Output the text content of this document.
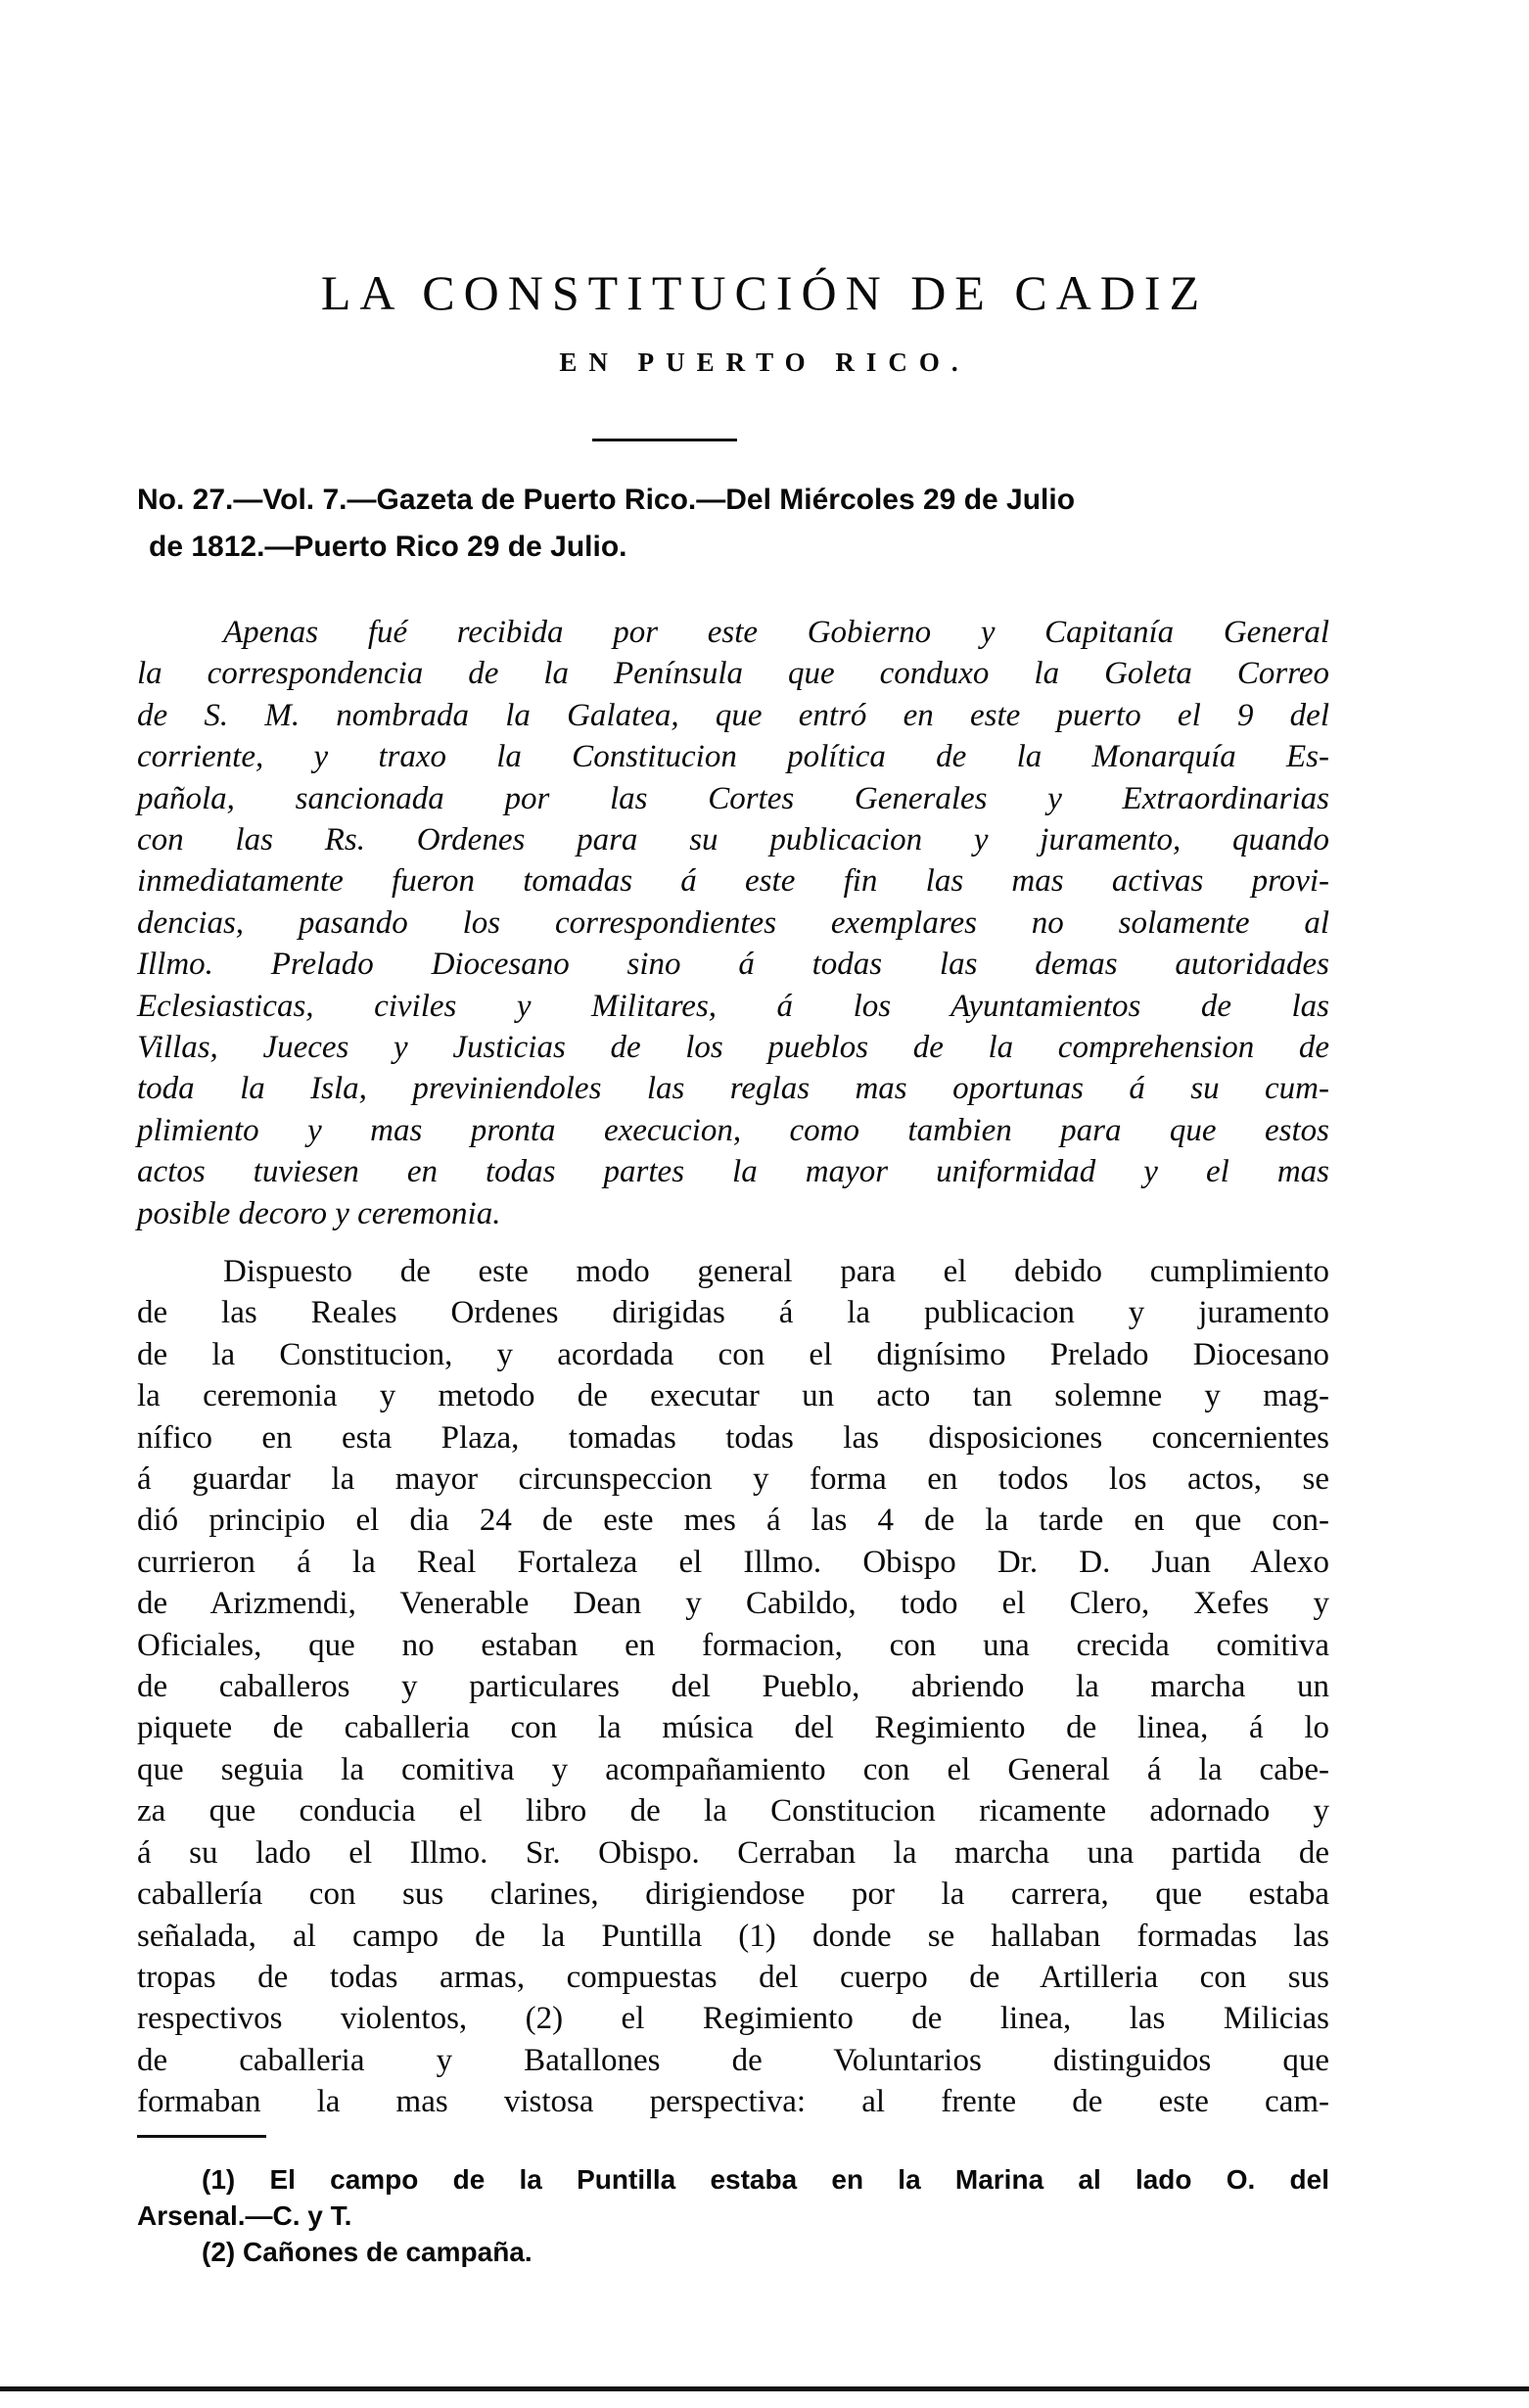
LA CONSTITUCIÓN DE CADIZ
EN PUERTO RICO.

No. 27.—Vol. 7.—Gazeta de Puerto Rico.—Del Miércoles 29 de Julio
de 1812.—Puerto Rico 29 de Julio.

Apenas fué recibida por este Gobierno y Capitanía General
la correspondencia de la Península que conduxo la Goleta Correo
de S. M. nombrada la Galatea, que entró en este puerto el 9 del
corriente, y traxo la Constitucion política de la Monarquía Es-
pañola, sancionada por las Cortes Generales y Extraordinarias
con las Rs. Ordenes para su publicacion y juramento, quando
inmediatamente fueron tomadas á este fin las mas activas provi-
dencias, pasando los correspondientes exemplares no solamente al
Illmo. Prelado Diocesano sino á todas las demas autoridades
Eclesiasticas, civiles y Militares, á los Ayuntamientos de las
Villas, Jueces y Justicias de los pueblos de la comprehension de
toda la Isla, previniendoles las reglas mas oportunas á su cum-
plimiento y mas pronta execucion, como tambien para que estos
actos tuviesen en todas partes la mayor uniformidad y el mas
posible decoro y ceremonia.

Dispuesto de este modo general para el debido cumplimiento
de las Reales Ordenes dirigidas á la publicacion y juramento
de la Constitucion, y acordada con el dignísimo Prelado Diocesano
la ceremonia y metodo de executar un acto tan solemne y mag-
nífico en esta Plaza, tomadas todas las disposiciones concernientes
á guardar la mayor circunspeccion y forma en todos los actos, se
dió principio el dia 24 de este mes á las 4 de la tarde en que con-
currieron á la Real Fortaleza el Illmo. Obispo Dr. D. Juan Alexo
de Arizmendi, Venerable Dean y Cabildo, todo el Clero, Xefes y
Oficiales, que no estaban en formacion, con una crecida comitiva
de caballeros y particulares del Pueblo, abriendo la marcha un
piquete de caballeria con la música del Regimiento de linea, á lo
que seguia la comitiva y acompañamiento con el General á la cabe-
za que conducia el libro de la Constitucion ricamente adornado y
á su lado el Illmo. Sr. Obispo. Cerraban la marcha una partida de
caballería con sus clarines, dirigiendose por la carrera, que estaba
señalada, al campo de la Puntilla (1) donde se hallaban formadas las
tropas de todas armas, compuestas del cuerpo de Artilleria con sus
respectivos violentos, (2) el Regimiento de linea, las Milicias
de caballeria y Batallones de Voluntarios distinguidos que
formaban la mas vistosa perspectiva: al frente de este cam-

(1) El campo de la Puntilla estaba en la Marina al lado O. del
Arsenal.—C. y T.
(2) Cañones de campaña.
